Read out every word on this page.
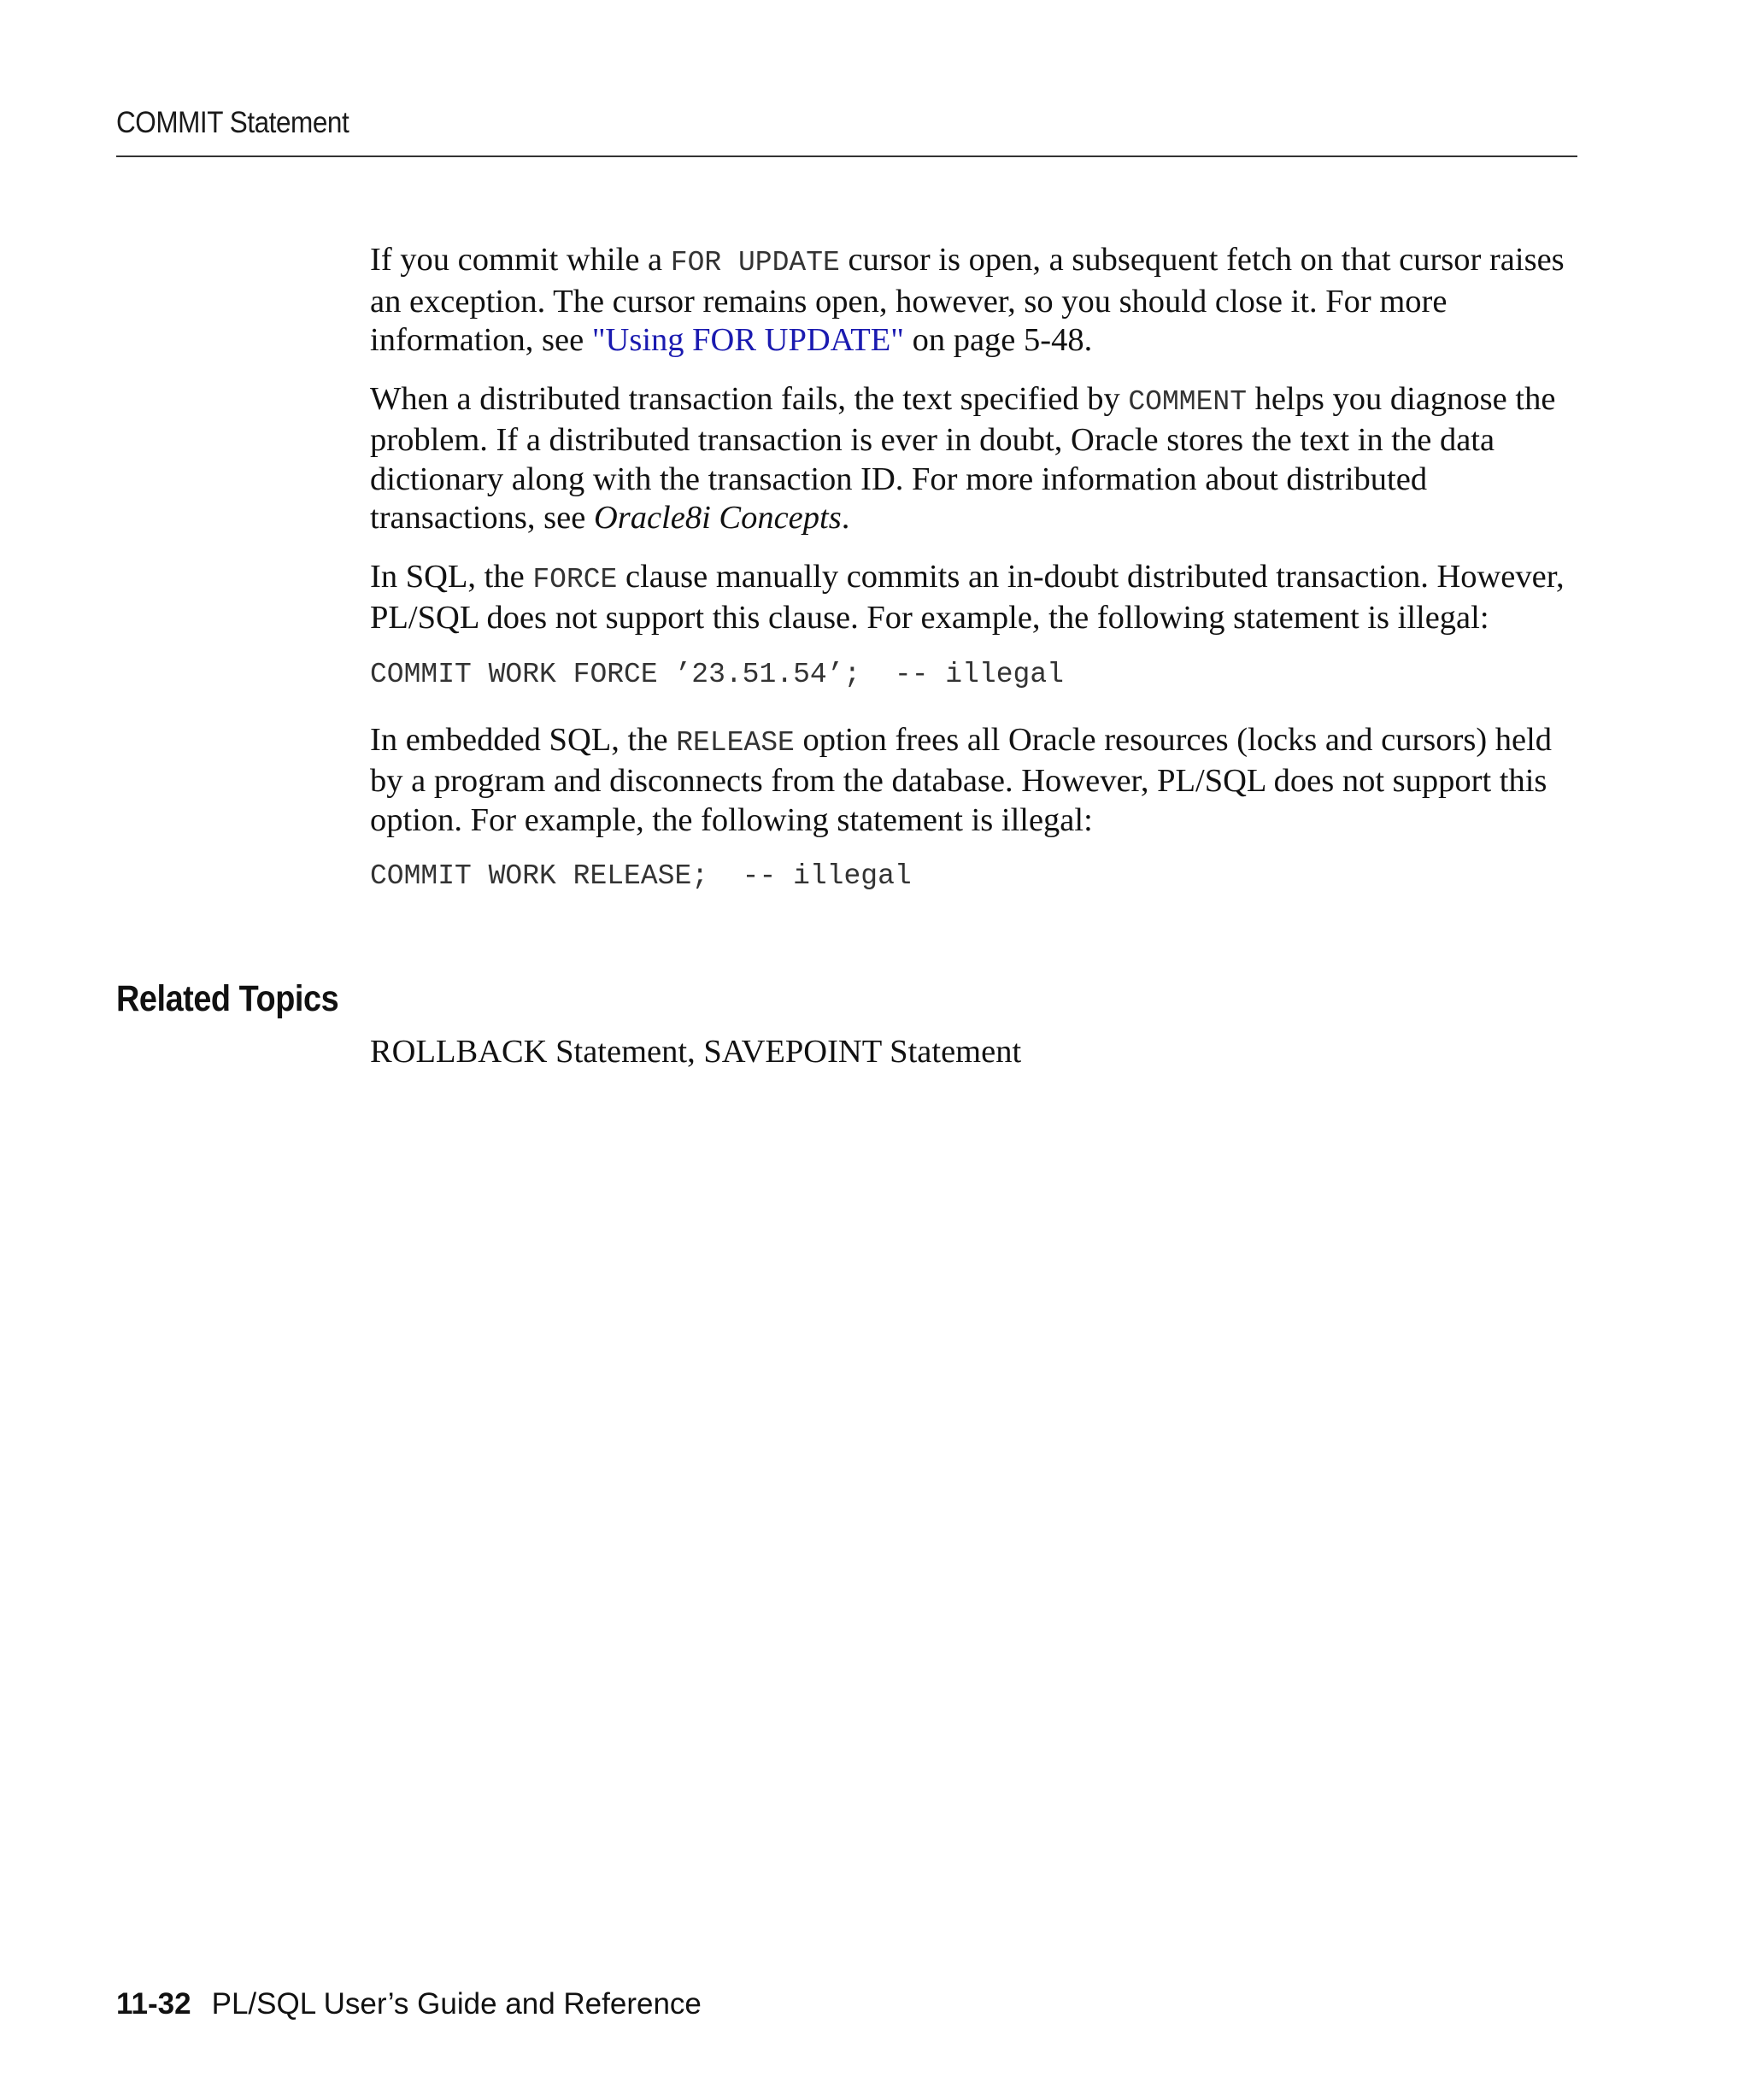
COMMIT Statement

If you commit while a FOR UPDATE cursor is open, a subsequent fetch on that cursor raises an exception. The cursor remains open, however, so you should close it. For more information, see "Using FOR UPDATE" on page 5-48.

When a distributed transaction fails, the text specified by COMMENT helps you diagnose the problem. If a distributed transaction is ever in doubt, Oracle stores the text in the data dictionary along with the transaction ID. For more information about distributed transactions, see Oracle8i Concepts.

In SQL, the FORCE clause manually commits an in-doubt distributed transaction. However, PL/SQL does not support this clause. For example, the following statement is illegal:

COMMIT WORK FORCE ’23.51.54’;  -- illegal

In embedded SQL, the RELEASE option frees all Oracle resources (locks and cursors) held by a program and disconnects from the database. However, PL/SQL does not support this option. For example, the following statement is illegal:

COMMIT WORK RELEASE;  -- illegal
Related Topics
ROLLBACK Statement, SAVEPOINT Statement
11-32 PL/SQL User’s Guide and Reference
